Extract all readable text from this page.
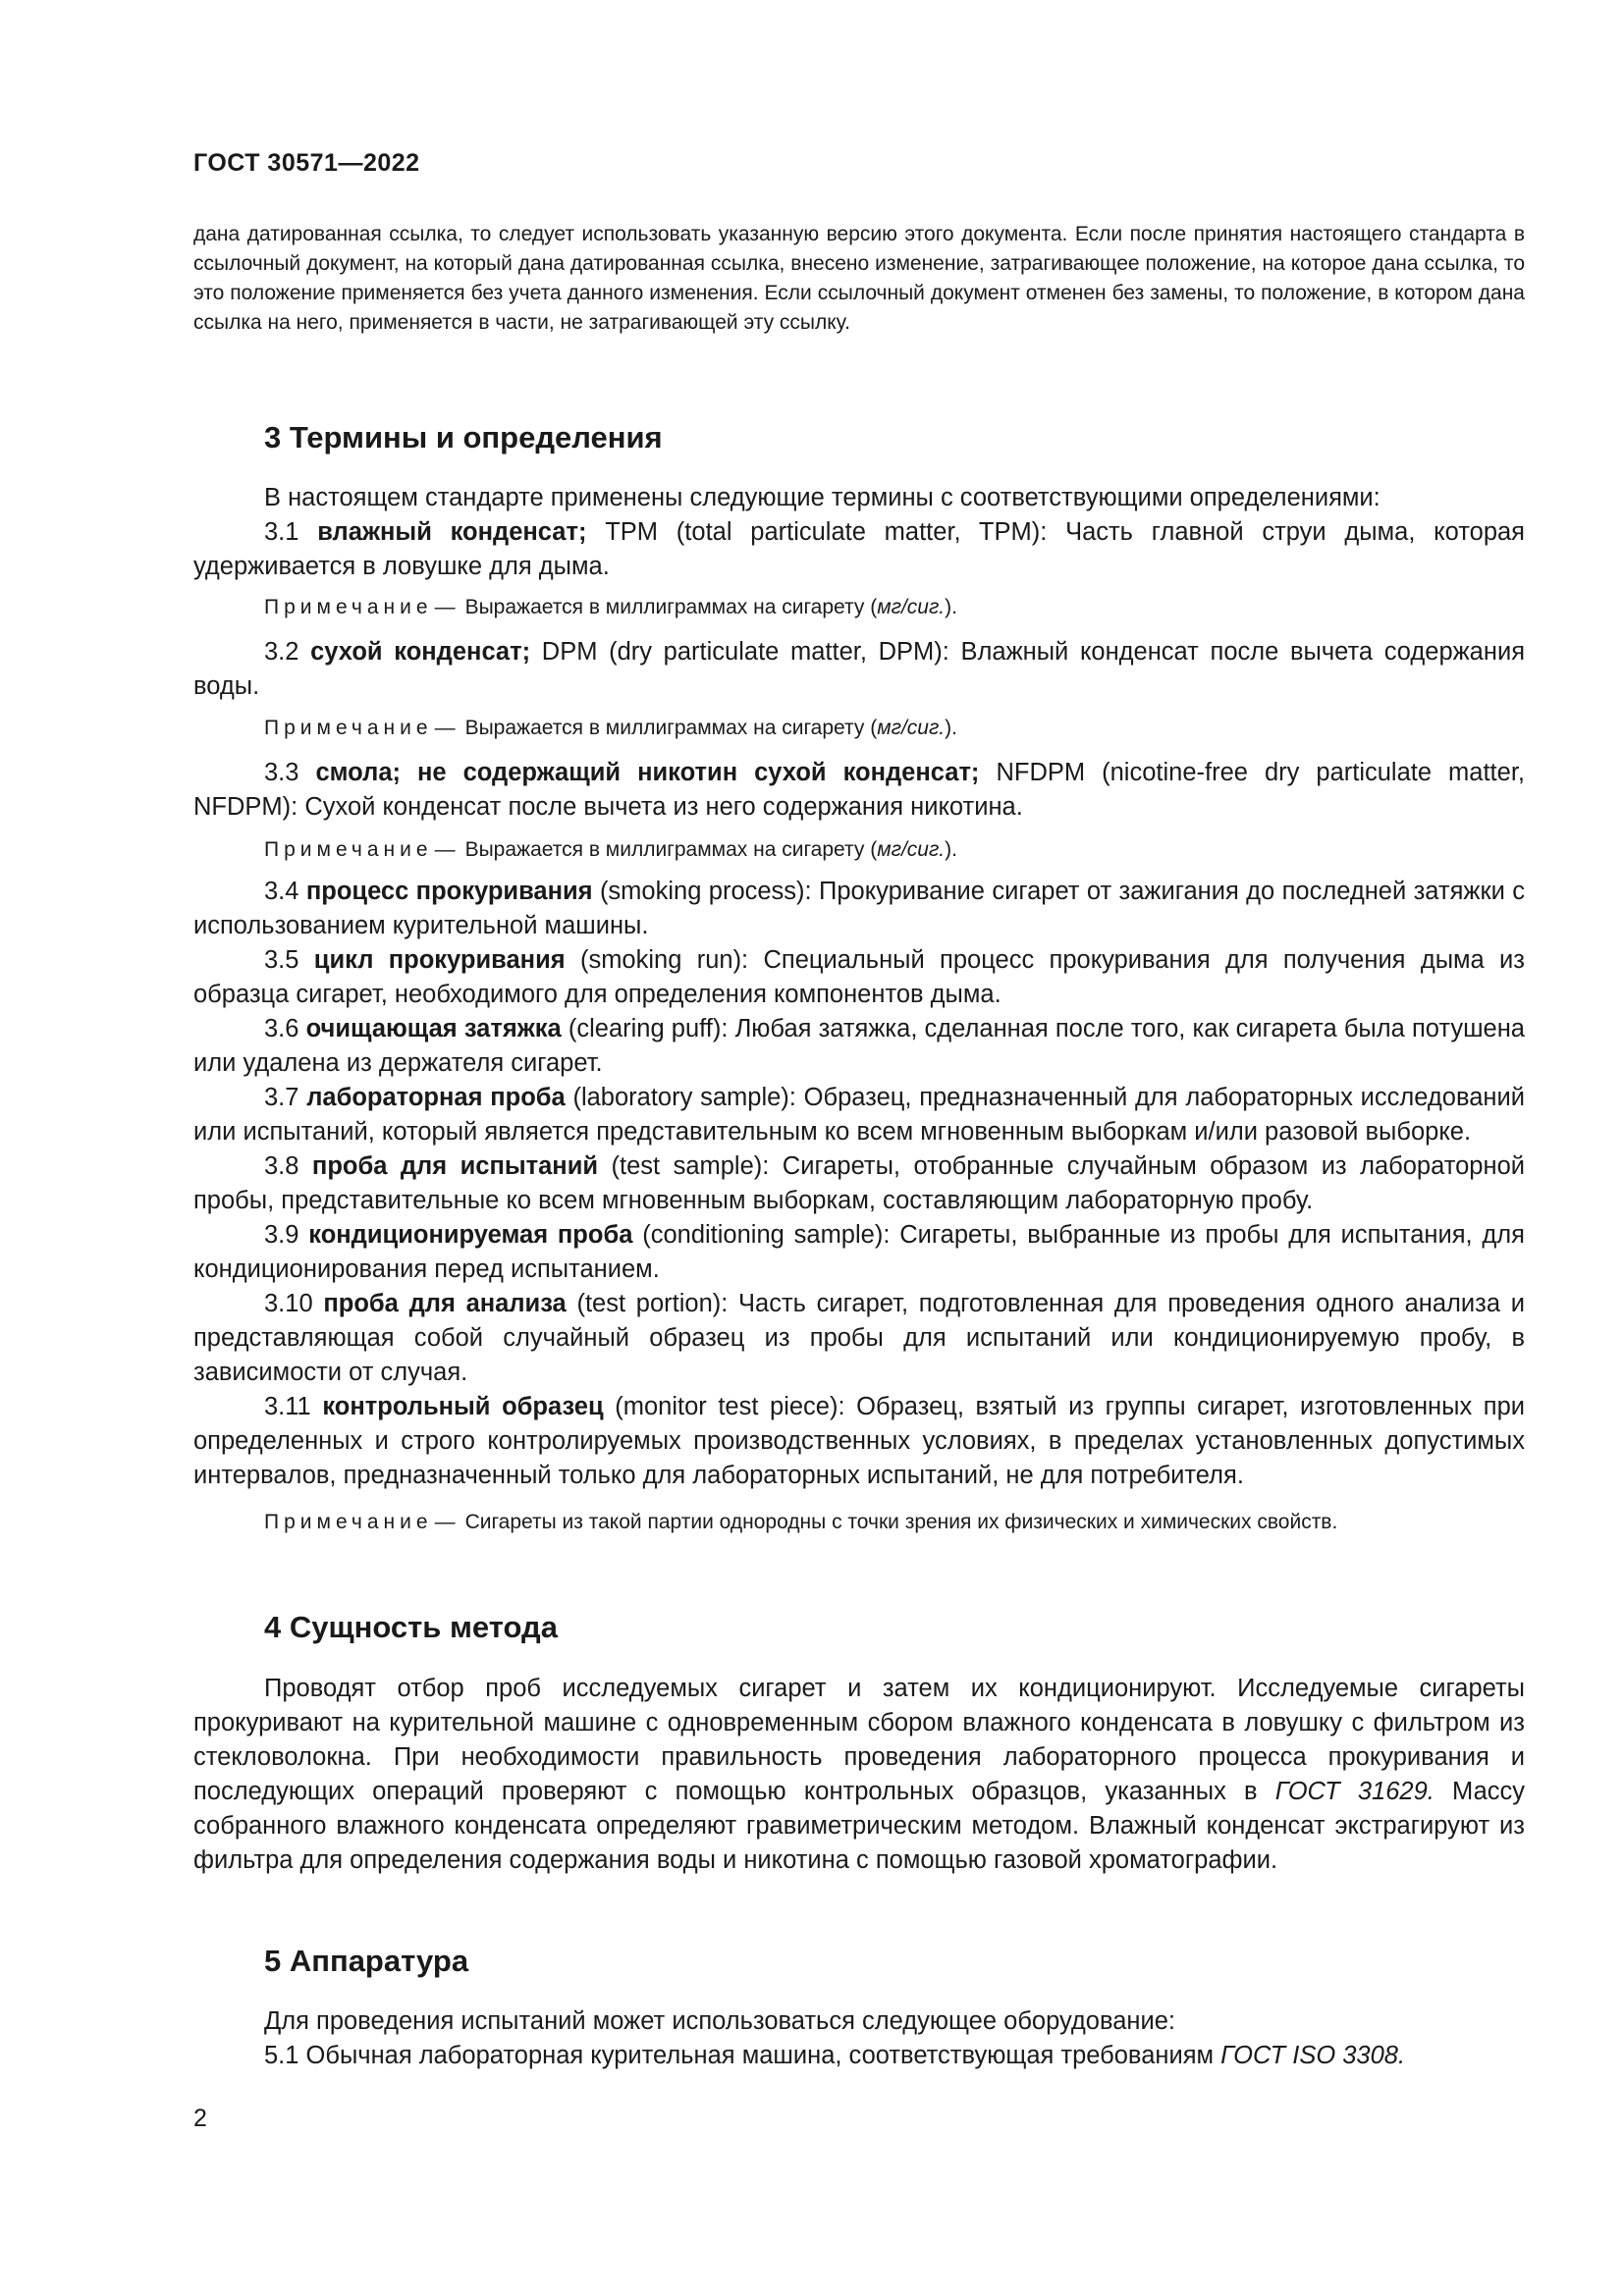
ГОСТ 30571—2022

дана датированная ссылка, то следует использовать указанную версию этого документа. Если после принятия настоящего стандарта в ссылочный документ, на который дана датированная ссылка, внесено изменение, затрагивающее положение, на которое дана ссылка, то это положение применяется без учета данного изменения. Если ссылочный документ отменен без замены, то положение, в котором дана ссылка на него, применяется в части, не затрагивающей эту ссылку.

3 Термины и определения

В настоящем стандарте применены следующие термины с соответствующими определениями:

3.1 влажный конденсат; TPM (total particulate matter, TPM): Часть главной струи дыма, которая удерживается в ловушке для дыма.

Примечание— Выражается в миллиграммах на сигарету (мг/сиг.).

3.2 сухой конденсат; DPM (dry particulate matter, DPM): Влажный конденсат после вычета содержания воды.

Примечание— Выражается в миллиграммах на сигарету (мг/сиг.).

3.3 смола; не содержащий никотин сухой конденсат; NFDPM (nicotine-free dry particulate matter, NFDPM): Сухой конденсат после вычета из него содержания никотина.

Примечание— Выражается в миллиграммах на сигарету (мг/сиг.).

3.4 процесс прокуривания (smoking process): Прокуривание сигарет от зажигания до последней затяжки с использованием курительной машины.

3.5 цикл прокуривания (smoking run): Специальный процесс прокуривания для получения дыма из образца сигарет, необходимого для определения компонентов дыма.

3.6 очищающая затяжка (clearing puff): Любая затяжка, сделанная после того, как сигарета была потушена или удалена из держателя сигарет.

3.7 лабораторная проба (laboratory sample): Образец, предназначенный для лабораторных исследований или испытаний, который является представительным ко всем мгновенным выборкам и/или разовой выборке.

3.8 проба для испытаний (test sample): Сигареты, отобранные случайным образом из лабораторной пробы, представительные ко всем мгновенным выборкам, составляющим лабораторную пробу.

3.9 кондиционируемая проба (conditioning sample): Сигареты, выбранные из пробы для испытания, для кондиционирования перед испытанием.

3.10 проба для анализа (test portion): Часть сигарет, подготовленная для проведения одного анализа и представляющая собой случайный образец из пробы для испытаний или кондиционируемую пробу, в зависимости от случая.

3.11 контрольный образец (monitor test piece): Образец, взятый из группы сигарет, изготовленных при определенных и строго контролируемых производственных условиях, в пределах установленных допустимых интервалов, предназначенный только для лабораторных испытаний, не для потребителя.

Примечание— Сигареты из такой партии однородны с точки зрения их физических и химических свойств.

4 Сущность метода

Проводят отбор проб исследуемых сигарет и затем их кондиционируют. Исследуемые сигареты прокуривают на курительной машине с одновременным сбором влажного конденсата в ловушку с фильтром из стекловолокна. При необходимости правильность проведения лабораторного процесса прокуривания и последующих операций проверяют с помощью контрольных образцов, указанных в ГОСТ 31629. Массу собранного влажного конденсата определяют гравиметрическим методом. Влажный конденсат экстрагируют из фильтра для определения содержания воды и никотина с помощью газовой хроматографии.

5 Аппаратура

Для проведения испытаний может использоваться следующее оборудование:

5.1 Обычная лабораторная курительная машина, соответствующая требованиям ГОСТ ISO 3308.

2
